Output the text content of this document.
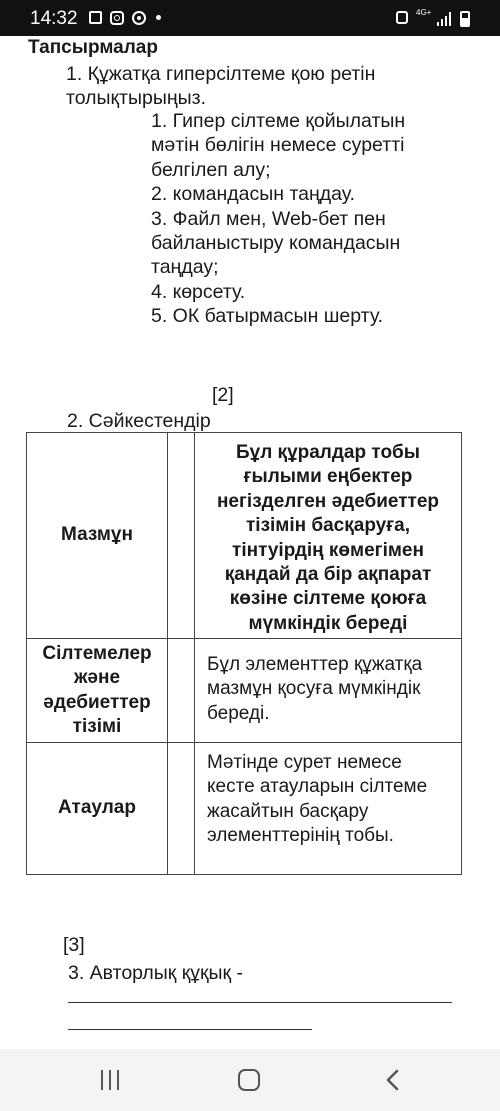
14:32	4G+
Тапсырмалар
1. Құжатқа гиперсілтеме қою ретін толықтырыңыз.
1. Гипер сілтеме қойылатын мәтін бөлігін немесе суретті белгілеп алу;
2. командасын таңдау.
3. Файл мен, Web-бет пен байланыстыру командасын таңдау;
4. көрсету.
5. ОК батырмасын шерту.
[2]
2. Сәйкестендір
Мазмұн		Бұл құралдар тобы ғылыми еңбектер негізделген әдебиеттер тізімін басқаруға, тінтуірдің көмегімен қандай да бір ақпарат көзіне сілтеме қоюға мүмкіндік береді
Сілтемелер және әдебиеттер тізімі		Бұл элементтер құжатқа мазмұн қосуға мүмкіндік береді.
Атаулар		Мәтінде сурет немесе кесте атауларын сілтеме жасайтын басқару элементтерінің тобы.
[3]
3. Авторлық құқық -
